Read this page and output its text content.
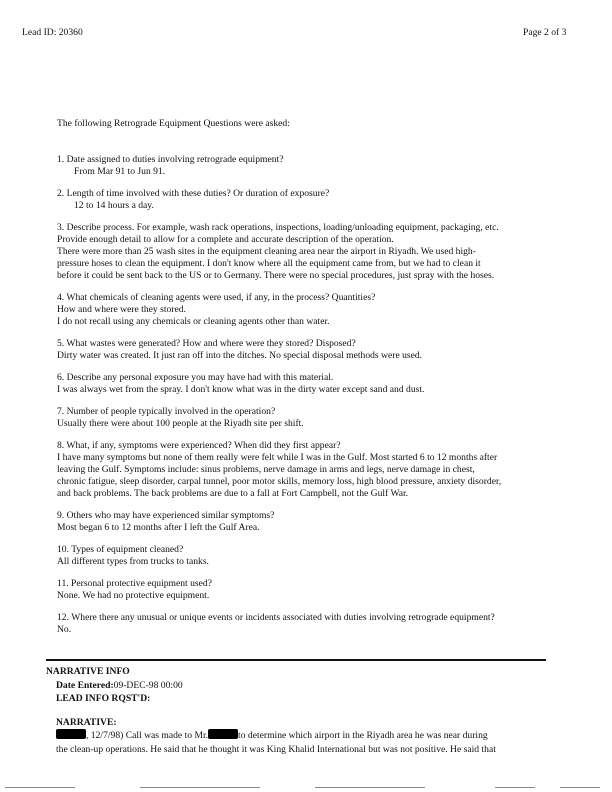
Lead ID: 20360	Page 2 of 3
The following Retrograde Equipment Questions were asked:
1. Date assigned to duties involving retrograde equipment?
From Mar 91 to Jun 91.
2. Length of time involved with these duties? Or duration of exposure?
12 to 14 hours a day.
3. Describe process. For example, wash rack operations, inspections, loading/unloading equipment, packaging, etc.
Provide enough detail to allow for a complete and accurate description of the operation.
There were more than 25 wash sites in the equipment cleaning area near the airport in Riyadh. We used high-
pressure hoses to clean the equipment. I don't know where all the equipment came from, but we had to clean it
before it could be sent back to the US or to Germany. There were no special procedures, just spray with the hoses.
4. What chemicals of cleaning agents were used, if any, in the process? Quantities?
How and where were they stored.
I do not recall using any chemicals or cleaning agents other than water.
5. What wastes were generated? How and where were they stored? Disposed?
Dirty water was created. It just ran off into the ditches. No special disposal methods were used.
6. Describe any personal exposure you may have had with this material.
I was always wet from the spray. I don't know what was in the dirty water except sand and dust.
7. Number of people typically involved in the operation?
Usually there were about 100 people at the Riyadh site per shift.
8. What, if any, symptoms were experienced? When did they first appear?
I have many symptoms but none of them really were felt while I was in the Gulf. Most started 6 to 12 months after
leaving the Gulf. Symptoms include: sinus problems, nerve damage in arms and legs, nerve damage in chest,
chronic fatigue, sleep disorder, carpal tunnel, poor motor skills, memory loss, high blood pressure, anxiety disorder,
and back problems. The back problems are due to a fall at Fort Campbell, not the Gulf War.
9. Others who may have experienced similar symptoms?
Most began 6 to 12 months after I left the Gulf Area.
10. Types of equipment cleaned?
All different types from trucks to tanks.
11. Personal protective equipment used?
None. We had no protective equipment.
12. Where there any unusual or unique events or incidents associated with duties involving retrograde equipment?
No.
NARRATIVE INFO
Date Entered:09-DEC-98 00:00
LEAD INFO RQST'D:
NARRATIVE:
, 12/7/98) Call was made to Mr.	to determine which airport in the Riyadh area he was near during
the clean-up operations. He said that he thought it was King Khalid International but was not positive. He said that
